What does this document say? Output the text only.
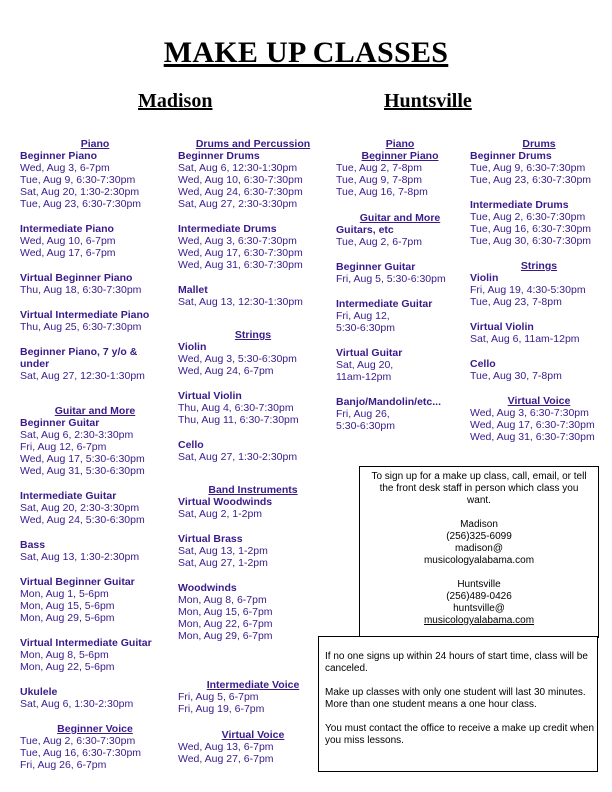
MAKE UP CLASSES
Madison	Huntsville

Piano

Beginner Piano

Wed, Aug 3, 6-7pm

Tue, Aug 9, 6:30-7:30pm

Sat, Aug 20, 1:30-2:30pm

Tue, Aug 23, 6:30-7:30pm

Intermediate Piano

Wed, Aug 10, 6-7pm

Wed, Aug 17, 6-7pm

Virtual Beginner Piano

Thu, Aug 18, 6:30-7:30pm

Virtual Intermediate Piano

Thu, Aug 25, 6:30-7:30pm

Beginner Piano, 7 y/o &

under

Sat, Aug 27, 12:30-1:30pm

Guitar and More

Beginner Guitar

Sat, Aug 6, 2:30-3:30pm

Fri, Aug 12, 6-7pm

Wed, Aug 17, 5:30-6:30pm

Wed, Aug 31, 5:30-6:30pm

Intermediate Guitar

Sat, Aug 20, 2:30-3:30pm

Wed, Aug 24, 5:30-6:30pm

Bass

Sat, Aug 13, 1:30-2:30pm

Virtual Beginner Guitar

Mon, Aug 1, 5-6pm

Mon, Aug 15, 5-6pm

Mon, Aug 29, 5-6pm

Virtual Intermediate Guitar

Mon, Aug 8, 5-6pm

Mon, Aug 22, 5-6pm

Ukulele

Sat, Aug 6, 1:30-2:30pm

Beginner Voice

Tue, Aug 2, 6:30-7:30pm

Tue, Aug 16, 6:30-7:30pm

Fri, Aug 26, 6-7pm

Drums and Percussion

Beginner Drums

Sat, Aug 6, 12:30-1:30pm

Wed, Aug 10, 6:30-7:30pm

Wed, Aug 24, 6:30-7:30pm

Sat, Aug 27, 2:30-3:30pm

Intermediate Drums

Wed, Aug 3, 6:30-7:30pm

Wed, Aug 17, 6:30-7:30pm

Wed, Aug 31, 6:30-7:30pm

Mallet

Sat, Aug 13, 12:30-1:30pm

Strings

Violin

Wed, Aug 3, 5:30-6:30pm

Wed, Aug 24, 6-7pm

Virtual Violin

Thu, Aug 4, 6:30-7:30pm

Thu, Aug 11, 6:30-7:30pm

Cello

Sat, Aug 27, 1:30-2:30pm

Band Instruments

Virtual Woodwinds

Sat, Aug 2, 1-2pm

Virtual Brass

Sat, Aug 13, 1-2pm

Sat, Aug 27, 1-2pm

Woodwinds

Mon, Aug 8, 6-7pm

Mon, Aug 15, 6-7pm

Mon, Aug 22, 6-7pm

Mon, Aug 29, 6-7pm

Intermediate Voice

Fri, Aug 5, 6-7pm

Fri, Aug 19, 6-7pm

Virtual Voice

Wed, Aug 13, 6-7pm

Wed, Aug 27, 6-7pm

Piano

Beginner Piano

Tue, Aug 2, 7-8pm

Tue, Aug 9, 7-8pm

Tue, Aug 16, 7-8pm

Guitar and More

Guitars, etc

Tue, Aug 2, 6-7pm

Beginner Guitar

Fri, Aug 5, 5:30-6:30pm

Intermediate Guitar

Fri, Aug 12,

5:30-6:30pm

Virtual Guitar

Sat, Aug 20,

11am-12pm

Banjo/Mandolin/etc...

Fri, Aug 26,

5:30-6:30pm

Drums

Beginner Drums

Tue, Aug 9, 6:30-7:30pm

Tue, Aug 23, 6:30-7:30pm

Intermediate Drums

Tue, Aug 2, 6:30-7:30pm

Tue, Aug 16, 6:30-7:30pm

Tue, Aug 30, 6:30-7:30pm

Strings

Violin

Fri, Aug 19, 4:30-5:30pm

Tue, Aug 23, 7-8pm

Virtual Violin

Sat, Aug 6, 11am-12pm

Cello

Tue, Aug 30, 7-8pm

Virtual Voice

Wed, Aug 3, 6:30-7:30pm

Wed, Aug 17, 6:30-7:30pm

Wed, Aug 31, 6:30-7:30pm

To sign up for a make up class, call, email, or tell the front desk staff in person which class you want.

Madison

(256)325-6099

madison@

musicologyalabama.com

Huntsville

(256)489-0426

huntsville@

musicologyalabama.com

If no one signs up within 24 hours of start time, class will be canceled.

Make up classes with only one student will last 30 minutes. More than one student means a one hour class.

You must contact the office to receive a make up credit when you miss lessons.
